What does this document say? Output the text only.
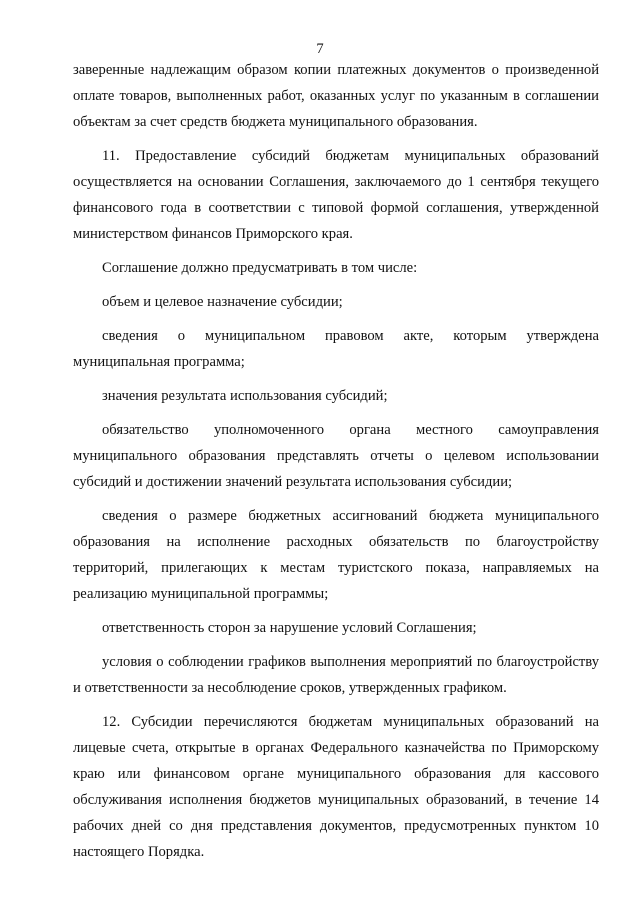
7

заверенные надлежащим образом копии платежных документов о произведенной оплате товаров, выполненных работ, оказанных услуг по указанным в соглашении объектам за счет средств бюджета муниципального образования.

11. Предоставление субсидий бюджетам муниципальных образований осуществляется на основании Соглашения, заключаемого до 1 сентября текущего финансового года в соответствии с типовой формой соглашения, утвержденной министерством финансов Приморского края.

Соглашение должно предусматривать в том числе:

объем и целевое назначение субсидии;

сведения о муниципальном правовом акте, которым утверждена муниципальная программа;

значения результата использования субсидий;

обязательство уполномоченного органа местного самоуправления муниципального образования представлять отчеты о целевом использовании субсидий и достижении значений результата использования субсидии;

сведения о размере бюджетных ассигнований бюджета муниципального образования на исполнение расходных обязательств по благоустройству территорий, прилегающих к местам туристского показа, направляемых на реализацию муниципальной программы;

ответственность сторон за нарушение условий Соглашения;

условия о соблюдении графиков выполнения мероприятий по благоустройству и ответственности за несоблюдение сроков, утвержденных графиком.

12. Субсидии перечисляются бюджетам муниципальных образований на лицевые счета, открытые в органах Федерального казначейства по Приморскому краю или финансовом органе муниципального образования для кассового обслуживания исполнения бюджетов муниципальных образований, в течение 14 рабочих дней со дня представления документов, предусмотренных пунктом 10 настоящего Порядка.
